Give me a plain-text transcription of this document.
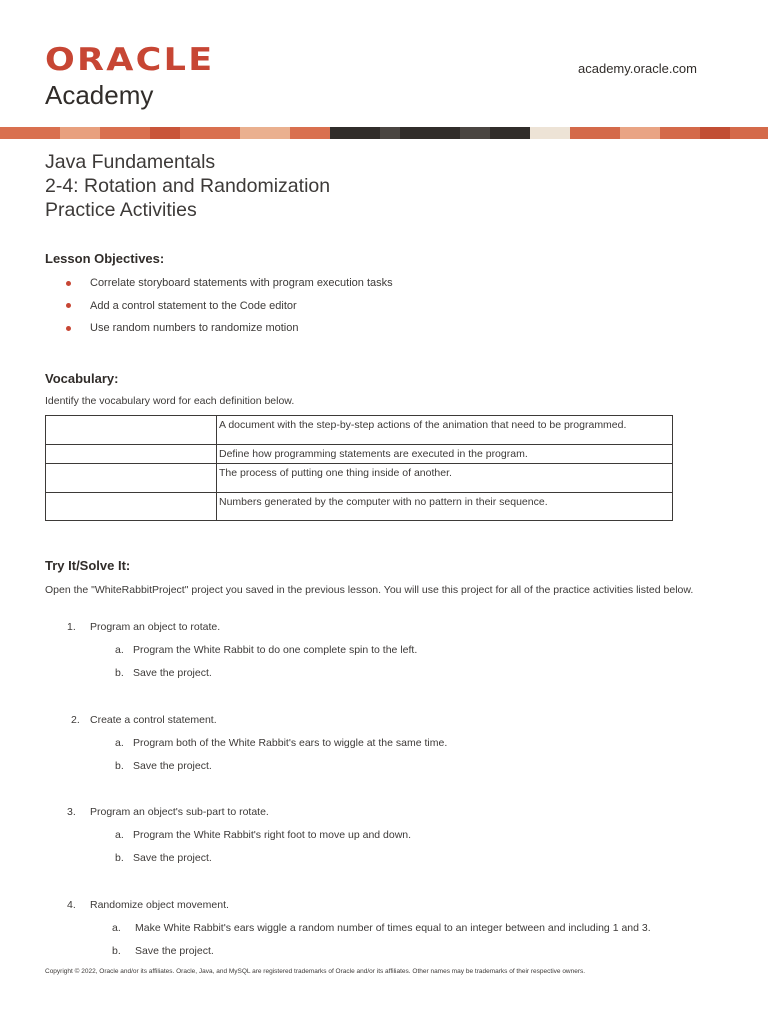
ORACLE
Academy
academy.oracle.com
Java Fundamentals
2-4: Rotation and Randomization
Practice Activities
Lesson Objectives:
Correlate storyboard statements with program execution tasks
Add a control statement to the Code editor
Use random numbers to randomize motion
Vocabulary:

Identify the vocabulary word for each definition below.

	A document with the step-by-step actions of the animation that need to be programmed.
	Define how programming statements are executed in the program.
	The process of putting one thing inside of another.
	Numbers generated by the computer with no pattern in their sequence.
Try It/Solve It:

Open the "WhiteRabbitProject" project you saved in the previous lesson. You will use this project for all of the practice activities listed below.

1. Program an object to rotate.
a. Program the White Rabbit to do one complete spin to the left.
b. Save the project.
2. Create a control statement.
a. Program both of the White Rabbit's ears to wiggle at the same time.
b. Save the project.
3. Program an object's sub-part to rotate.
a. Program the White Rabbit's right foot to move up and down.
b. Save the project.
4. Randomize object movement.
a. Make White Rabbit's ears wiggle a random number of times equal to an integer between and including 1 and 3.
b. Save the project.
Copyright © 2022, Oracle and/or its affiliates. Oracle, Java, and MySQL are registered trademarks of Oracle and/or its affiliates. Other names may be trademarks of their respective owners.
